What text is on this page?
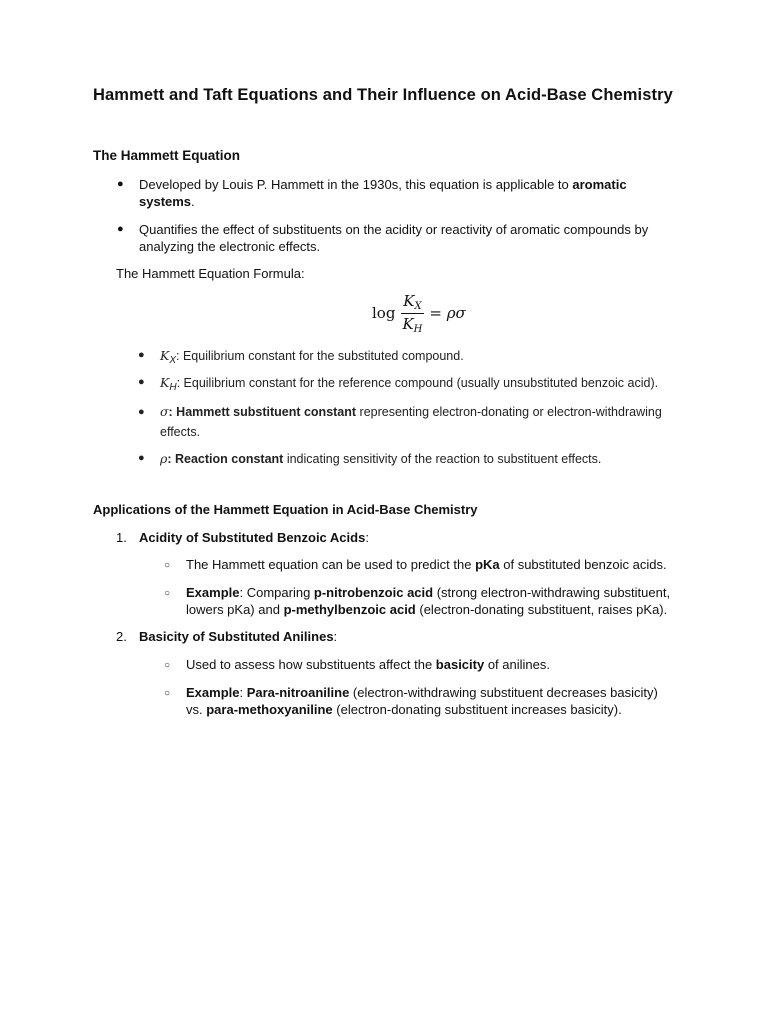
Hammett and Taft Equations and Their Influence on Acid-Base Chemistry
The Hammett Equation
● Developed by Louis P. Hammett in the 1930s, this equation is applicable to aromatic
systems.
● Quantifies the effect of substituents on the acidity or reactivity of aromatic compounds by
analyzing the electronic effects.
The Hammett Equation Formula:
$\log \frac{K_X}{K_H} = \rho\sigma$
● $K_X$: Equilibrium constant for the substituted compound.
● $K_H$: Equilibrium constant for the reference compound (usually unsubstituted benzoic acid).
● σ: Hammett substituent constant representing electron-donating or electron-withdrawing
effects.
● ρ: Reaction constant indicating sensitivity of the reaction to substituent effects.
Applications of the Hammett Equation in Acid-Base Chemistry
1. Acidity of Substituted Benzoic Acids:
○ The Hammett equation can be used to predict the pKa of substituted benzoic acids.
○ Example: Comparing p-nitrobenzoic acid (strong electron-withdrawing substituent,
lowers pKa) and p-methylbenzoic acid (electron-donating substituent, raises pKa).
2. Basicity of Substituted Anilines:
○ Used to assess how substituents affect the basicity of anilines.
○ Example: Para-nitroaniline (electron-withdrawing substituent decreases basicity)
vs. para-methoxyaniline (electron-donating substituent increases basicity).
